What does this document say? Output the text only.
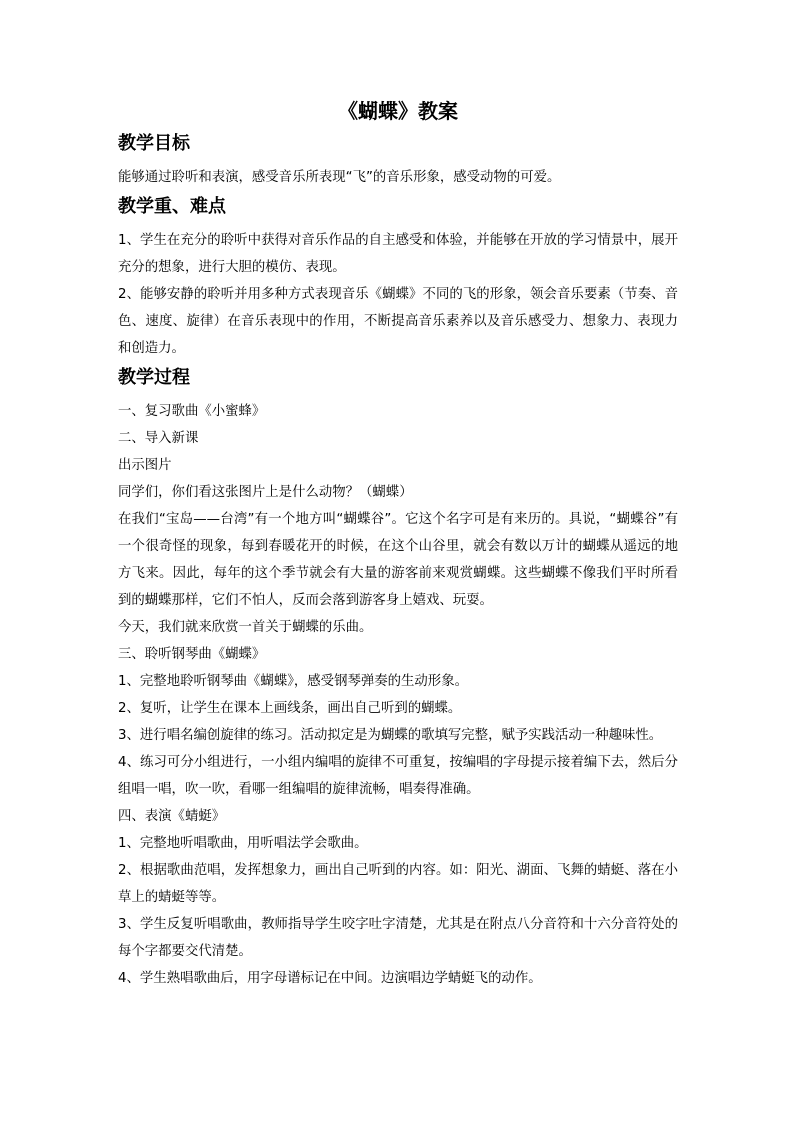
《蝴蝶》教案
教学目标

能够通过聆听和表演，感受音乐所表现“飞”的音乐形象，感受动物的可爱。

教学重、难点

1、学生在充分的聆听中获得对音乐作品的自主感受和体验，并能够在开放的学习情景中，展开充分的想象，进行大胆的模仿、表现。

2、能够安静的聆听并用多种方式表现音乐《蝴蝶》不同的飞的形象，领会音乐要素（节奏、音色、速度、旋律）在音乐表现中的作用，不断提高音乐素养以及音乐感受力、想象力、表现力和创造力。

教学过程

一、复习歌曲《小蜜蜂》

二、导入新课

出示图片

同学们，你们看这张图片上是什么动物？（蝴蝶）

在我们“宝岛——台湾”有一个地方叫“蝴蝶谷”。它这个名字可是有来历的。具说，“蝴蝶谷”有一个很奇怪的现象，每到春暖花开的时候，在这个山谷里，就会有数以万计的蝴蝶从遥远的地方飞来。因此，每年的这个季节就会有大量的游客前来观赏蝴蝶。这些蝴蝶不像我们平时所看到的蝴蝶那样，它们不怕人，反而会落到游客身上嬉戏、玩耍。

今天，我们就来欣赏一首关于蝴蝶的乐曲。

三、聆听钢琴曲《蝴蝶》

1、完整地聆听钢琴曲《蝴蝶》，感受钢琴弹奏的生动形象。

2、复听，让学生在课本上画线条，画出自己听到的蝴蝶。

3、进行唱名编创旋律的练习。活动拟定是为蝴蝶的歌填写完整，赋予实践活动一种趣味性。

4、练习可分小组进行，一小组内编唱的旋律不可重复，按编唱的字母提示接着编下去，然后分组唱一唱，吹一吹，看哪一组编唱的旋律流畅，唱奏得准确。

四、表演《蜻蜓》

1、完整地听唱歌曲，用听唱法学会歌曲。

2、根据歌曲范唱，发挥想象力，画出自己听到的内容。如：阳光、湖面、飞舞的蜻蜓、落在小草上的蜻蜓等等。

3、学生反复听唱歌曲，教师指导学生咬字吐字清楚，尤其是在附点八分音符和十六分音符处的每个字都要交代清楚。

4、学生熟唱歌曲后，用字母谱标记在中间。边演唱边学蜻蜓飞的动作。
